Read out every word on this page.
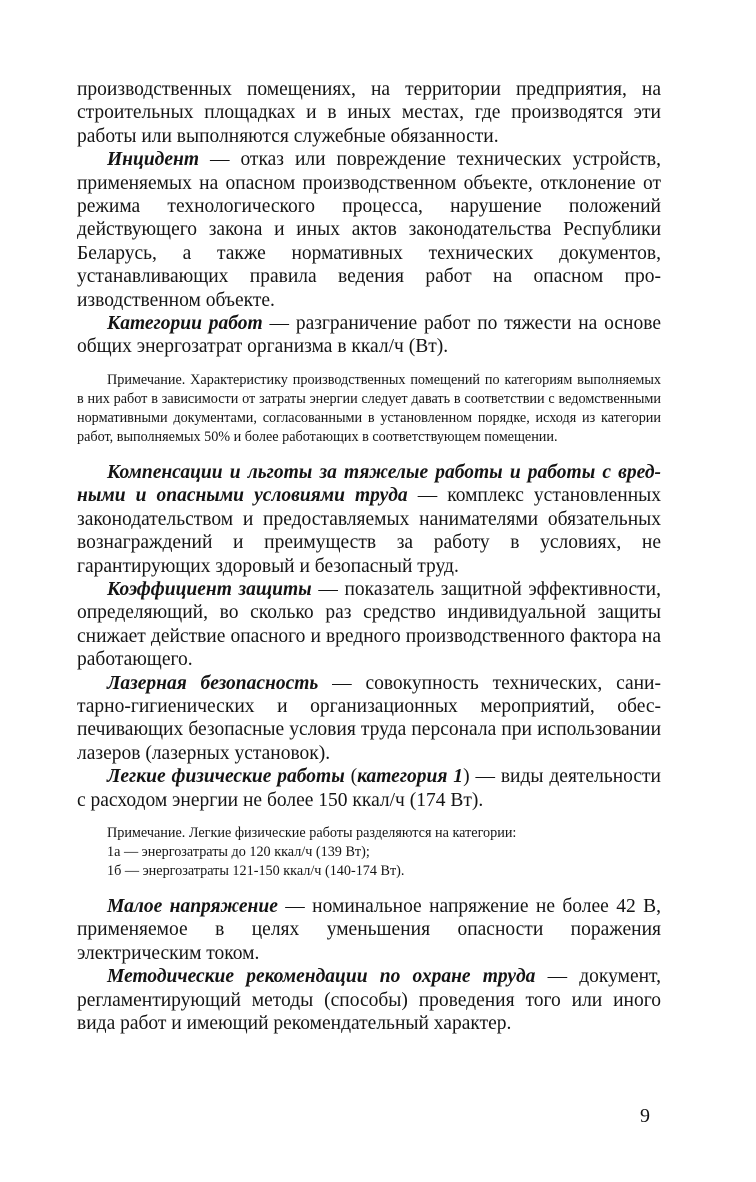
производственных помещениях, на территории предприятия, на строительных площадках и в иных местах, где производятся эти работы или выполняются служебные обязанности.

Инцидент — отказ или повреждение технических устройств, применяемых на опасном производственном объекте, отклонение от режима технологического процесса, нарушение положений действующего закона и иных актов законодательства Республики Беларусь, а также нормативных технических документов, устанавливающих правила ведения работ на опасном производственном объекте.

Категории работ — разграничение работ по тяжести на основе общих энергозатрат организма в ккал/ч (Вт).

Примечание. Характеристику производственных помещений по категориям выполняемых в них работ в зависимости от затраты энергии следует давать в соответствии с ведомственными нормативными документами, согласованными в установленном порядке, исходя из категории работ, выполняемых 50% и более работающих в соответствующем помещении.

Компенсации и льготы за тяжелые работы и работы с вредными и опасными условиями труда — комплекс установленных законодательством и предоставляемых нанимателями обязательных вознаграждений и преимуществ за работу в условиях, не гарантирующих здоровый и безопасный труд.

Коэффициент защиты — показатель защитной эффективности, определяющий, во сколько раз средство индивидуальной защиты снижает действие опасного и вредного производственного фактора на работающего.

Лазерная безопасность — совокупность технических, санитарно-гигиенических и организационных мероприятий, обеспечивающих безопасные условия труда персонала при использовании лазеров (лазерных установок).

Легкие физические работы (категория 1) — виды деятельности с расходом энергии не более 150 ккал/ч (174 Вт).

Примечание. Легкие физические работы разделяются на категории:
1а — энергозатраты до 120 ккал/ч (139 Вт);
1б — энергозатраты 121-150 ккал/ч (140-174 Вт).

Малое напряжение — номинальное напряжение не более 42 В, применяемое в целях уменьшения опасности поражения электрическим током.

Методические рекомендации по охране труда — документ, регламентирующий методы (способы) проведения того или иного вида работ и имеющий рекомендательный характер.

9
